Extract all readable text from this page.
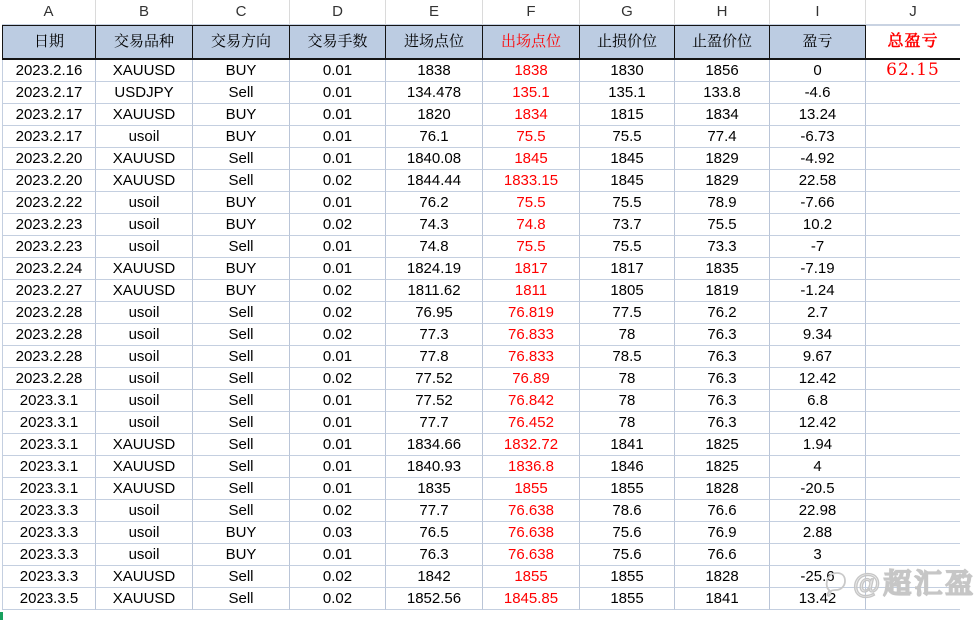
A	B	C	D	E	F	G	H	I	J
日期	交易品种	交易方向	交易手数	进场点位	出场点位	止损价位	止盈价位	盈亏	总盈亏
2023.2.16	XAUUSD	BUY	0.01	1838	1838	1830	1856	0	62.15
2023.2.17	USDJPY	Sell	0.01	134.478	135.1	135.1	133.8	-4.6
2023.2.17	XAUUSD	BUY	0.01	1820	1834	1815	1834	13.24
2023.2.17	usoil	BUY	0.01	76.1	75.5	75.5	77.4	-6.73
2023.2.20	XAUUSD	Sell	0.01	1840.08	1845	1845	1829	-4.92
2023.2.20	XAUUSD	Sell	0.02	1844.44	1833.15	1845	1829	22.58
2023.2.22	usoil	BUY	0.01	76.2	75.5	75.5	78.9	-7.66
2023.2.23	usoil	BUY	0.02	74.3	74.8	73.7	75.5	10.2
2023.2.23	usoil	Sell	0.01	74.8	75.5	75.5	73.3	-7
2023.2.24	XAUUSD	BUY	0.01	1824.19	1817	1817	1835	-7.19
2023.2.27	XAUUSD	BUY	0.02	1811.62	1811	1805	1819	-1.24
2023.2.28	usoil	Sell	0.02	76.95	76.819	77.5	76.2	2.7
2023.2.28	usoil	Sell	0.02	77.3	76.833	78	76.3	9.34
2023.2.28	usoil	Sell	0.01	77.8	76.833	78.5	76.3	9.67
2023.2.28	usoil	Sell	0.02	77.52	76.89	78	76.3	12.42
2023.3.1	usoil	Sell	0.01	77.52	76.842	78	76.3	6.8
2023.3.1	usoil	Sell	0.01	77.7	76.452	78	76.3	12.42
2023.3.1	XAUUSD	Sell	0.01	1834.66	1832.72	1841	1825	1.94
2023.3.1	XAUUSD	Sell	0.01	1840.93	1836.8	1846	1825	4
2023.3.1	XAUUSD	Sell	0.01	1835	1855	1855	1828	-20.5
2023.3.3	usoil	Sell	0.02	77.7	76.638	78.6	76.6	22.98
2023.3.3	usoil	BUY	0.03	76.5	76.638	75.6	76.9	2.88
2023.3.3	usoil	BUY	0.01	76.3	76.638	75.6	76.6	3
2023.3.3	XAUUSD	Sell	0.02	1842	1855	1855	1828	-25.6
2023.3.5	XAUUSD	Sell	0.02	1852.56	1845.85	1855	1841	13.42 @超汇盈
